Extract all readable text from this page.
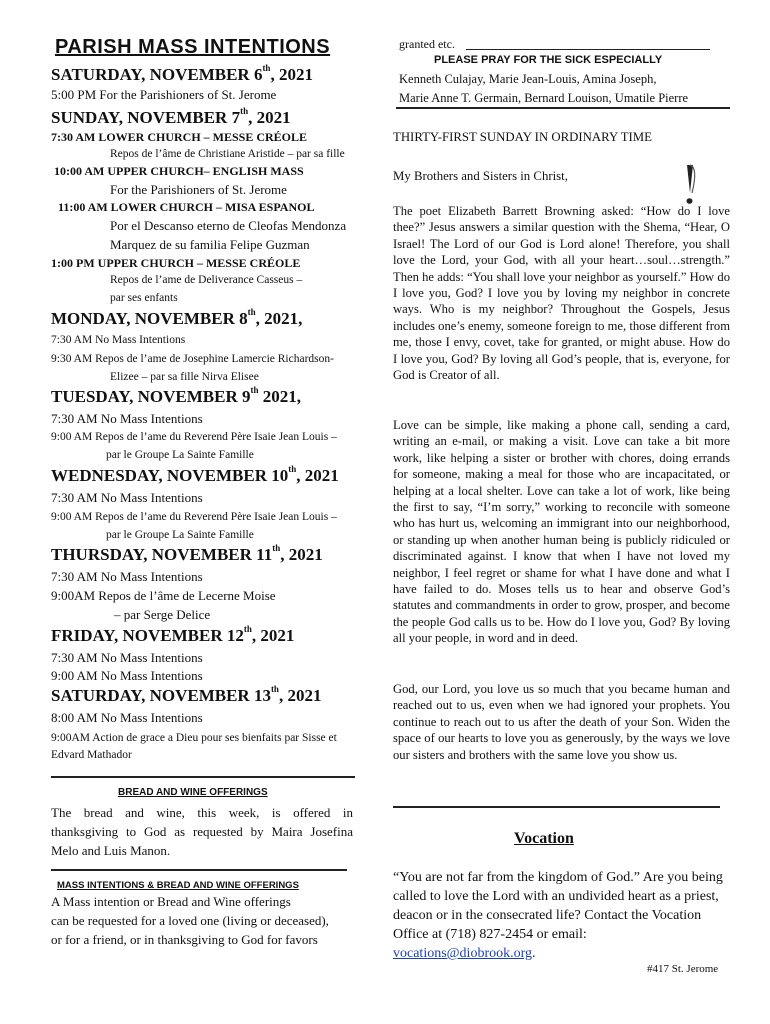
PARISH MASS INTENTIONS
SATURDAY, NOVEMBER 6th, 2021
5:00 PM For the Parishioners of St. Jerome
SUNDAY, NOVEMBER 7th, 2021
7:30 AM LOWER CHURCH – MESSE CRÉOLE
Repos de l’âme de Christiane Aristide – par sa fille
10:00 AM UPPER CHURCH– ENGLISH MASS
For the Parishioners of St. Jerome
11:00 AM LOWER CHURCH – MISA ESPANOL
Por el Descanso eterno de Cleofas Mendonza
Marquez de su familia Felipe Guzman
1:00 PM UPPER CHURCH – MESSE CRÉOLE
Repos de l’ame de Deliverance Casseus –
par ses enfants
MONDAY, NOVEMBER 8th, 2021,
7:30 AM No Mass Intentions
9:30 AM Repos de l’ame de Josephine Lamercie Richardson-
Elizee – par sa fille Nirva Elisee
TUESDAY, NOVEMBER 9th 2021,
7:30 AM No Mass Intentions
9:00 AM Repos de l’ame du Reverend Père Isaie Jean Louis –
par le Groupe La Sainte Famille
WEDNESDAY, NOVEMBER 10th, 2021
7:30 AM No Mass Intentions
9:00 AM Repos de l’ame du Reverend Père Isaie Jean Louis –
par le Groupe La Sainte Famille
THURSDAY, NOVEMBER 11th, 2021
7:30 AM No Mass Intentions
9:00AM Repos de l’âme de Lecerne Moise
– par Serge Delice
FRIDAY, NOVEMBER 12th, 2021
7:30 AM No Mass Intentions
9:00 AM No Mass Intentions
SATURDAY, NOVEMBER 13th, 2021
8:00 AM No Mass Intentions
9:00AM Action de grace a Dieu pour ses bienfaits par Sisse et
Edvard Mathador
BREAD AND WINE OFFERINGS
The bread and wine, this week, is offered in
thanksgiving to God as requested by Maira Josefina
Melo and Luis Manon.
MASS INTENTIONS & BREAD AND WINE OFFERINGS
A Mass intention or Bread and Wine offerings
can be requested for a loved one (living or deceased),
or for a friend, or in thanksgiving to God for favors
granted etc.
PLEASE PRAY FOR THE SICK ESPECIALLY
Kenneth Culajay, Marie Jean-Louis, Amina Joseph,
Marie Anne T. Germain, Bernard Louison, Umatile Pierre
THIRTY-FIRST SUNDAY IN ORDINARY TIME
My Brothers and Sisters in Christ,
The poet Elizabeth Barrett Browning asked: “How do I love thee?” Jesus answers a similar question with the Shema, “Hear, O Israel! The Lord of our God is Lord alone! Therefore, you shall love the Lord, your God, with all your heart…soul…strength.” Then he adds: “You shall love your neighbor as yourself.” How do I love you, God? I love you by loving my neighbor in concrete ways. Who is my neighbor? Throughout the Gospels, Jesus includes one’s enemy, someone foreign to me, those different from me, those I envy, covet, take for granted, or might abuse. How do I love you, God? By loving all God’s people, that is, everyone, for God is Creator of all.
Love can be simple, like making a phone call, sending a card, writing an e-mail, or making a visit. Love can take a bit more work, like helping a sister or brother with chores, doing errands for someone, making a meal for those who are incapacitated, or helping at a local shelter. Love can take a lot of work, like being the first to say, “I’m sorry,” working to reconcile with someone who has hurt us, welcoming an immigrant into our neighborhood, or standing up when another human being is publicly ridiculed or discriminated against. I know that when I have not loved my neighbor, I feel regret or shame for what I have done and what I have failed to do. Moses tells us to hear and observe God’s statutes and commandments in order to grow, prosper, and become the people God calls us to be. How do I love you, God? By loving all your people, in word and in deed.
God, our Lord, you love us so much that you became human and reached out to us, even when we had ignored your prophets. You continue to reach out to us after the death of your Son. Widen the space of our hearts to love you as generously, by the ways we love our sisters and brothers with the same love you show us.
Vocation
“You are not far from the kingdom of God.” Are you being called to love the Lord with an undivided heart as a priest, deacon or in the consecrated life? Contact the Vocation Office at (718) 827-2454 or email: vocations@diobrook.org.
#417 St. Jerome
